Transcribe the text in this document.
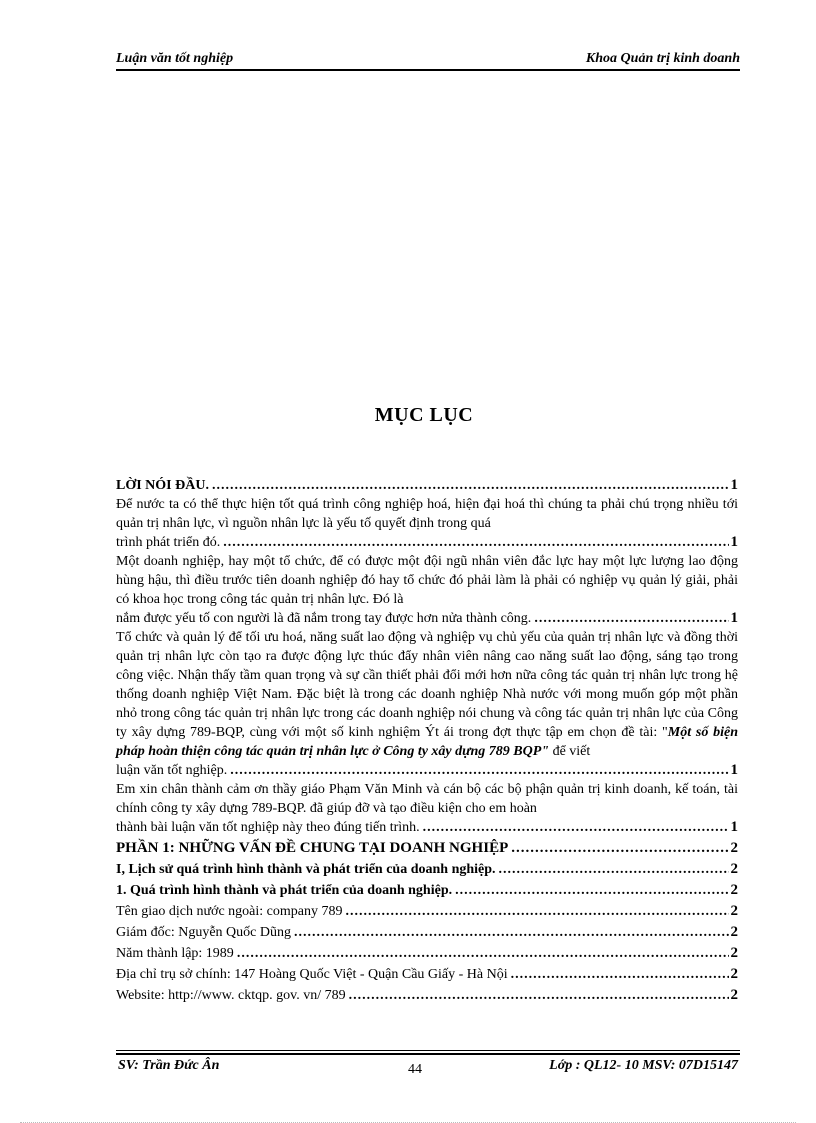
Luận văn tốt nghiệp	Khoa Quản trị kinh doanh
MỤC LỤC
LỜI NÓI ĐẦU. .....	1
Để nước ta có thể thực hiện tốt quá trình công nghiệp hoá, hiện đại hoá thì chúng ta phải chú trọng nhiều tới quản trị nhân lực, vì nguồn nhân lực là yếu tố quyết định trong quá
trình phát triển đó. .....	1
Một doanh nghiệp, hay một tổ chức, để có được một đội ngũ nhân viên đắc lực hay một lực lượng lao động hùng hậu, thì điều trước tiên doanh nghiệp đó hay tổ chức đó phải làm là phải có nghiệp vụ quản lý giải, phải có khoa học trong công tác quản trị nhân lực. Đó là
nắm được yếu tố con người là đã nắm trong tay được hơn nửa thành công. .....	1
Tổ chức và quản lý để tối ưu hoá, năng suất lao động và nghiệp vụ chủ yếu của quản trị nhân lực và đồng thời quản trị nhân lực còn tạo ra được động lực thúc đẩy nhân viên nâng cao năng suất lao động, sáng tạo trong công việc. Nhận thấy tầm quan trọng và sự cần thiết phải đổi mới hơn nữa công tác quản trị nhân lực trong hệ thống doanh nghiệp Việt Nam. Đặc biệt là trong các doanh nghiệp Nhà nước với mong muốn góp một phần nhỏ trong công tác quản trị nhân lực trong các doanh nghiệp nói chung và công tác quản trị nhân lực của Công ty xây dựng 789-BQP, cùng với một số kinh nghiệm Ýt ái trong đợt thực tập em chọn đề tài: "Một số biện pháp hoàn thiện công tác quản trị nhân lực ở Công ty xây dựng 789 BQP" để viết
luận văn tốt nghiệp. .....	1
Em xin chân thành cảm ơn thầy giáo Phạm Văn Minh và cán bộ các bộ phận quản trị kinh doanh, kế toán, tài chính công ty xây dựng 789-BQP. đã giúp đỡ và tạo điều kiện cho em hoàn
thành bài luận văn tốt nghiệp này theo đúng tiến trình. .....	1
PHẦN 1: NHỮNG VẤN ĐỀ CHUNG TẠI DOANH NGHIỆP .....	2
I, Lịch sử quá trình hình thành và phát triển của doanh nghiệp. .....	2
1. Quá trình hình thành và phát triển của doanh nghiệp. .....	2
Tên giao dịch nước ngoài: company 789 .....	2
Giám đốc: Nguyễn Quốc Dũng .....	2
Năm thành lập: 1989 .....	2
Địa chỉ trụ sở chính: 147 Hoàng Quốc Việt - Quận Cầu Giấy - Hà Nội .....	2
Website: http://www. cktqp. gov. vn/ 789 .....	2
SV: Trần Đức Ân	44	Lớp : QL12- 10 MSV: 07D15147
